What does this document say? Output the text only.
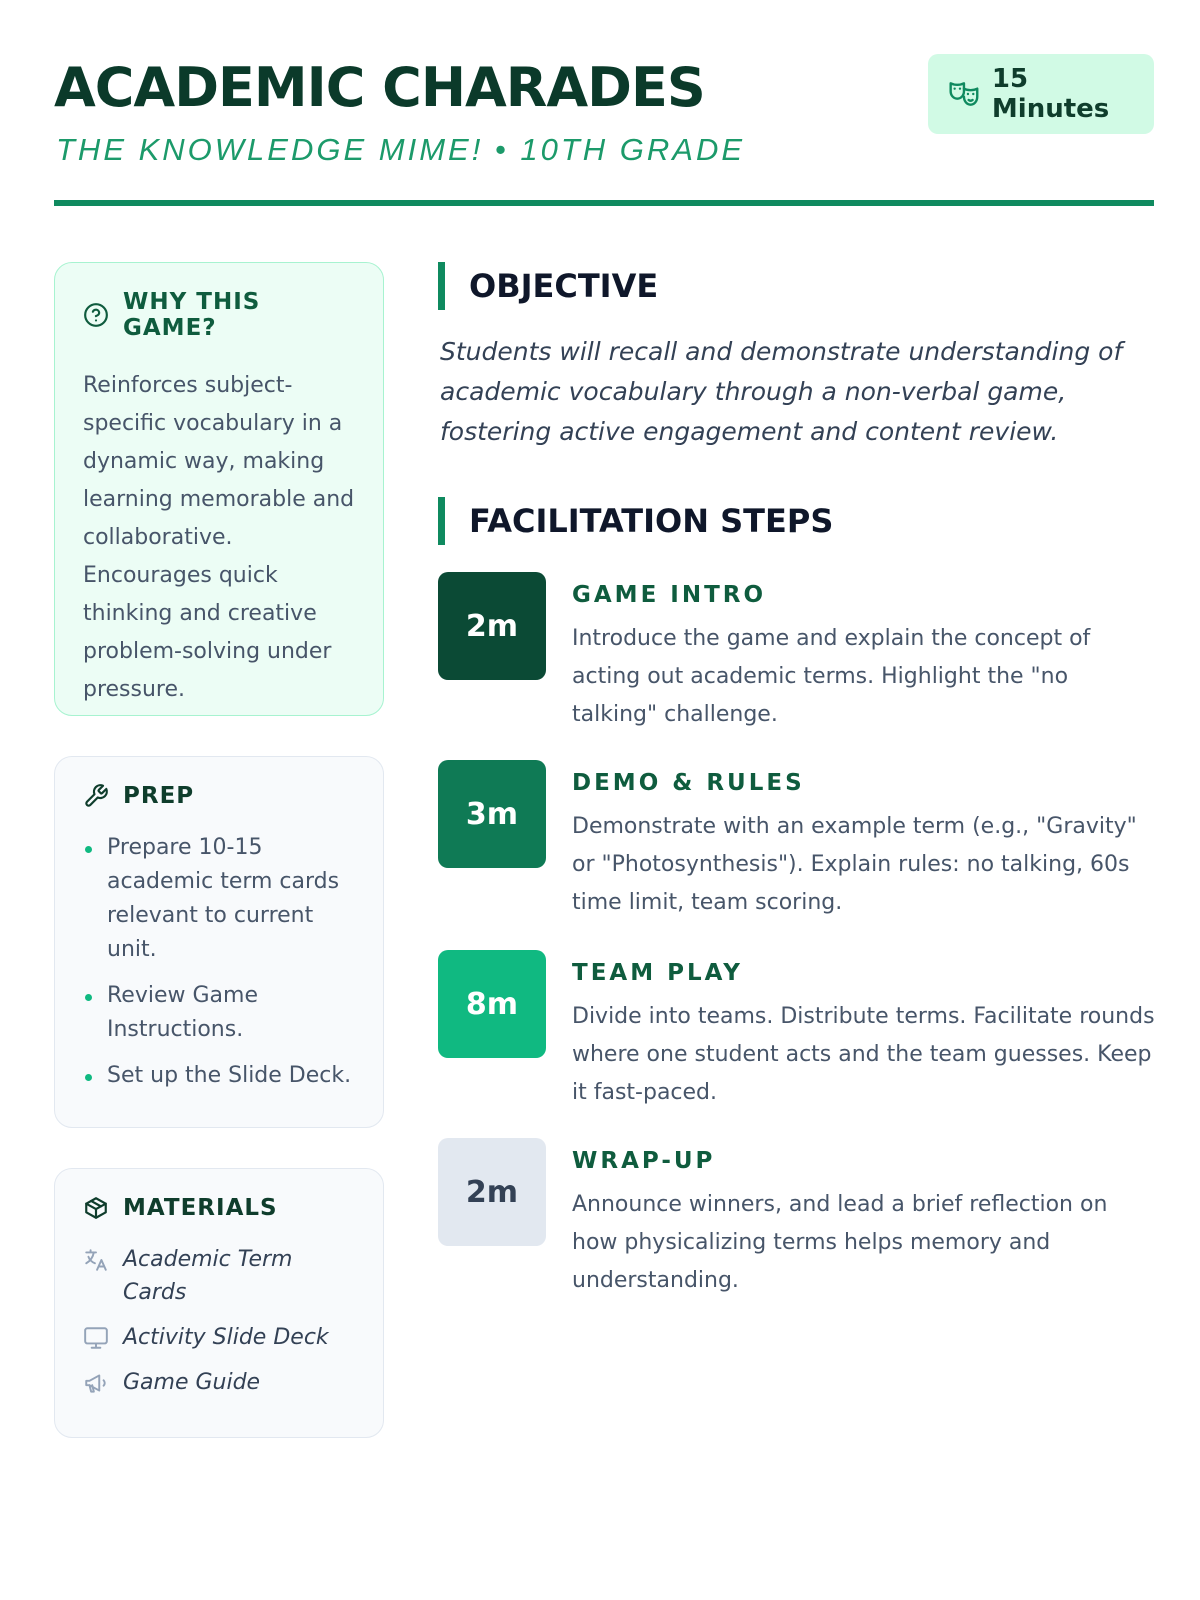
ACADEMIC CHARADES
THE KNOWLEDGE MIME! • 10TH GRADE
15 Minutes
WHY THIS GAME?

Reinforces subject-specific vocabulary in a dynamic way, making learning memorable and collaborative. Encourages quick thinking and creative problem-solving under pressure.

PREP
Prepare 10-15 academic term cards relevant to current unit.
Review Game Instructions.
Set up the Slide Deck.
MATERIALS
Academic Term Cards
Activity Slide Deck
Game Guide
OBJECTIVE

Students will recall and demonstrate understanding of academic vocabulary through a non-verbal game, fostering active engagement and content review.

FACILITATION STEPS
2m
GAME INTRO

Introduce the game and explain the concept of acting out academic terms. Highlight the "no talking" challenge.

3m
DEMO & RULES

Demonstrate with an example term (e.g., "Gravity" or "Photosynthesis"). Explain rules: no talking, 60s time limit, team scoring.

8m
TEAM PLAY

Divide into teams. Distribute terms. Facilitate rounds where one student acts and the team guesses. Keep it fast-paced.

2m
WRAP-UP

Announce winners, and lead a brief reflection on how physicalizing terms helps memory and understanding.
